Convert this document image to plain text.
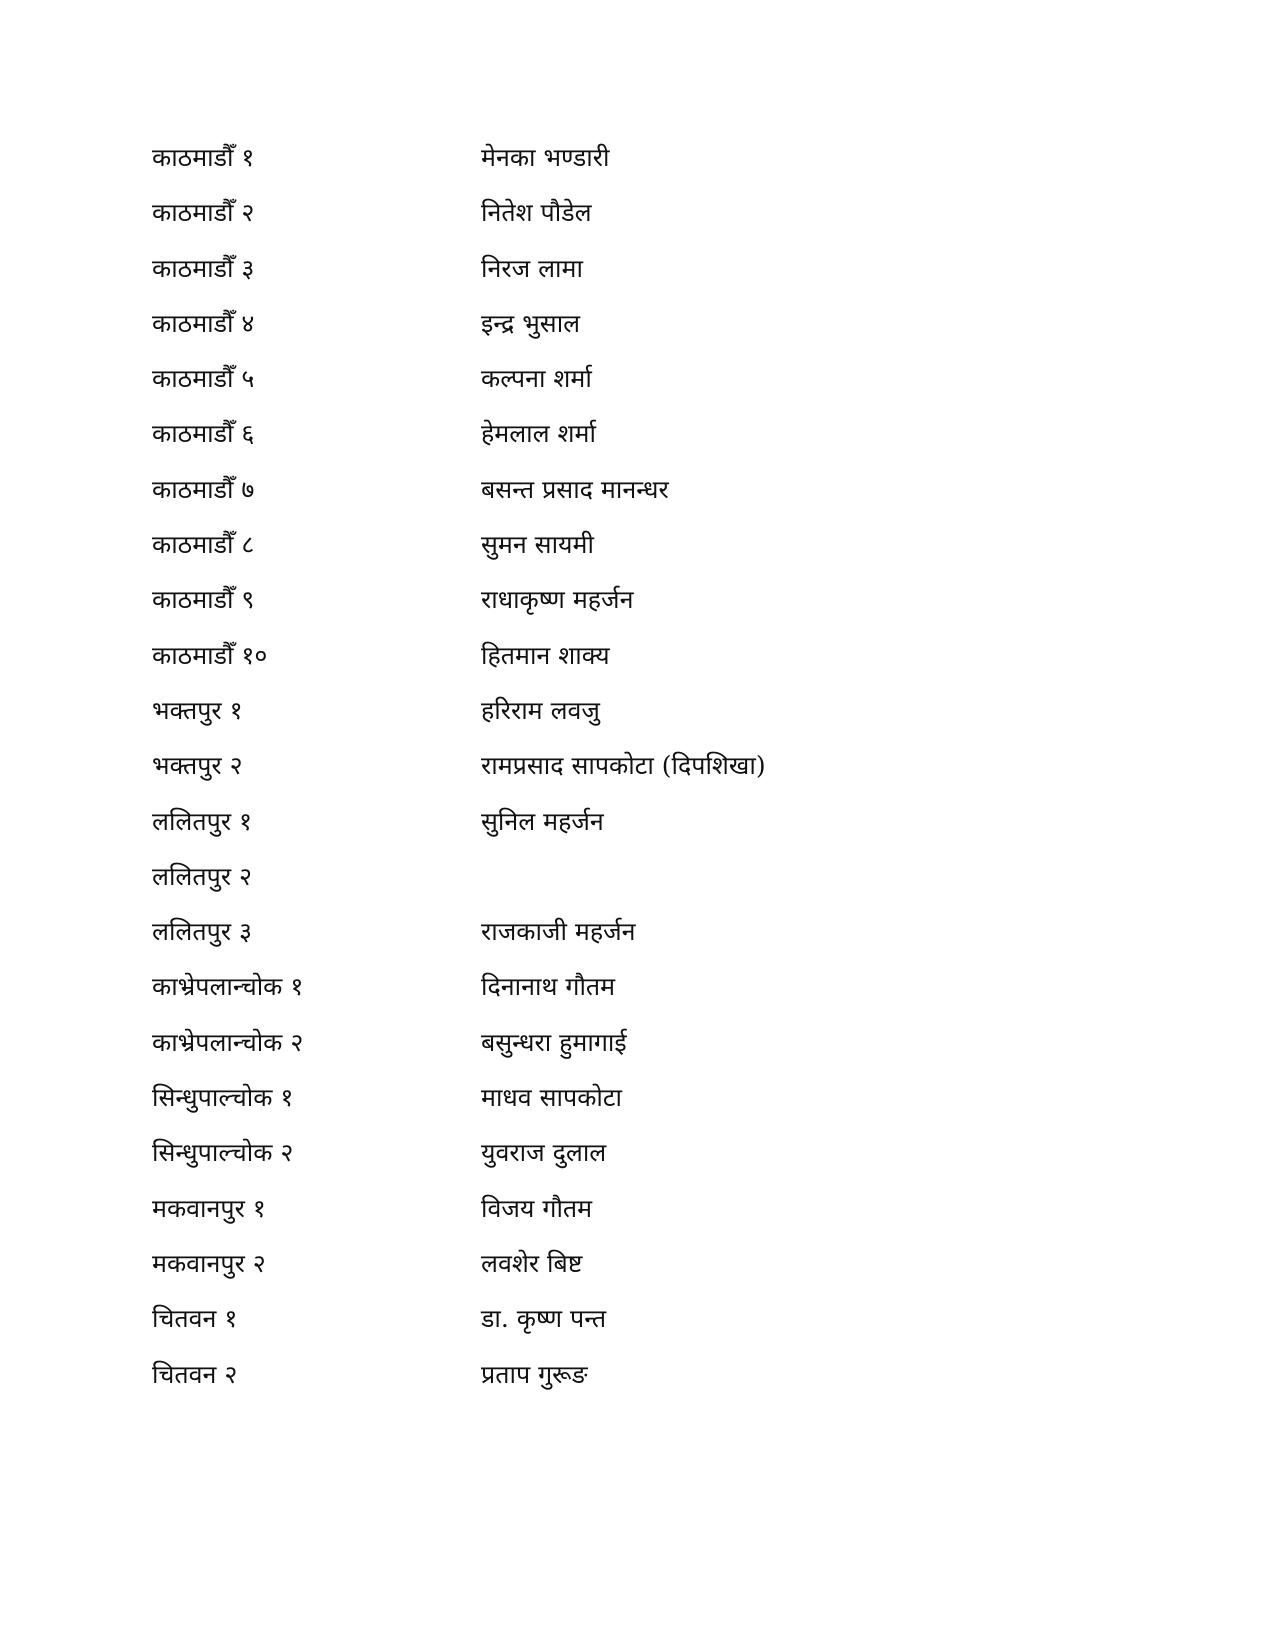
काठमाडौँ १	मेनका भण्डारी
काठमाडौँ २	नितेश पौडेल
काठमाडौँ ३	निरज लामा
काठमाडौँ ४	इन्द्र भुसाल
काठमाडौँ ५	कल्पना शर्मा
काठमाडौँ ६	हेमलाल शर्मा
काठमाडौँ ७	बसन्त प्रसाद मानन्धर
काठमाडौँ ८	सुमन सायमी
काठमाडौँ ९	राधाकृष्ण महर्जन
काठमाडौँ १०	हितमान शाक्य
भक्तपुर १	हरिराम लवजु
भक्तपुर २	रामप्रसाद सापकोटा (दिपशिखा)
ललितपुर १	सुनिल महर्जन
ललितपुर २
ललितपुर ३	राजकाजी महर्जन
काभ्रेपलान्चोक १	दिनानाथ गौतम
काभ्रेपलान्चोक २	बसुन्धरा हुमागाई
सिन्धुपाल्चोक १	माधव सापकोटा
सिन्धुपाल्चोक २	युवराज दुलाल
मकवानपुर १	विजय गौतम
मकवानपुर २	लवशेर बिष्ट
चितवन १	डा. कृष्ण पन्त
चितवन २	प्रताप गुरूङ
